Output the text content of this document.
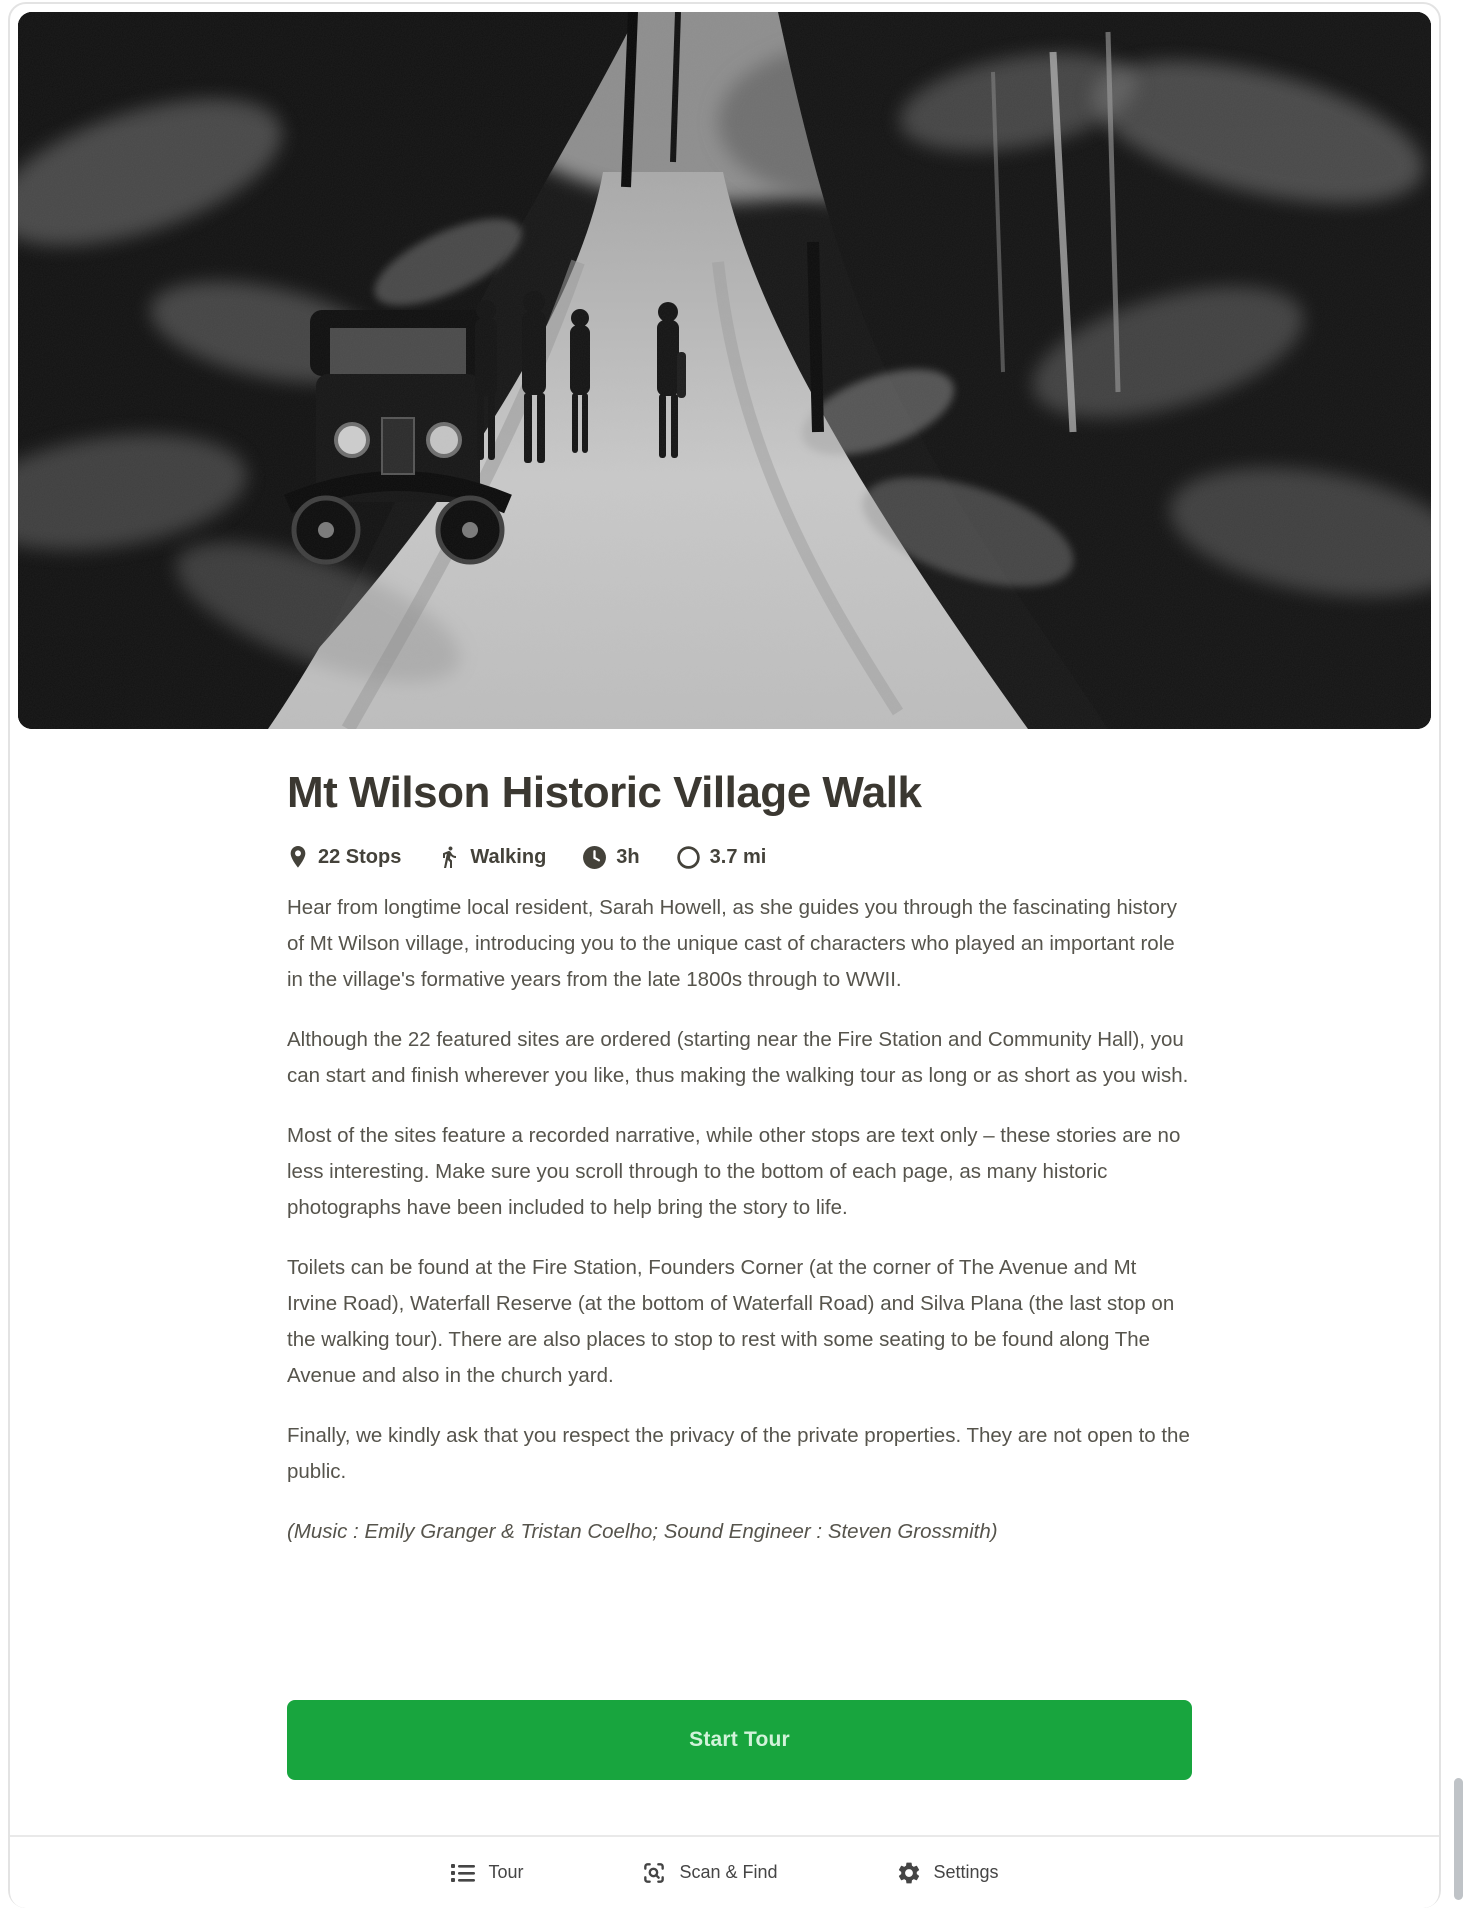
Mt Wilson Historic Village Walk
22 Stops	Walking	3h	3.7 mi

Hear from longtime local resident, Sarah Howell, as she guides you through the fascinating history of Mt Wilson village, introducing you to the unique cast of characters who played an important role in the village's formative years from the late 1800s through to WWII.

Although the 22 featured sites are ordered (starting near the Fire Station and Community Hall), you can start and finish wherever you like, thus making the walking tour as long or as short as you wish.

Most of the sites feature a recorded narrative, while other stops are text only – these stories are no less interesting. Make sure you scroll through to the bottom of each page, as many historic photographs have been included to help bring the story to life.

Toilets can be found at the Fire Station, Founders Corner (at the corner of The Avenue and Mt Irvine Road), Waterfall Reserve (at the bottom of Waterfall Road) and Silva Plana (the last stop on the walking tour). There are also places to stop to rest with some seating to be found along The Avenue and also in the church yard.

Finally, we kindly ask that you respect the privacy of the private properties. They are not open to the public.

(Music : Emily Granger & Tristan Coelho; Sound Engineer : Steven Grossmith)

Start Tour
Tour	Scan & Find	Settings
